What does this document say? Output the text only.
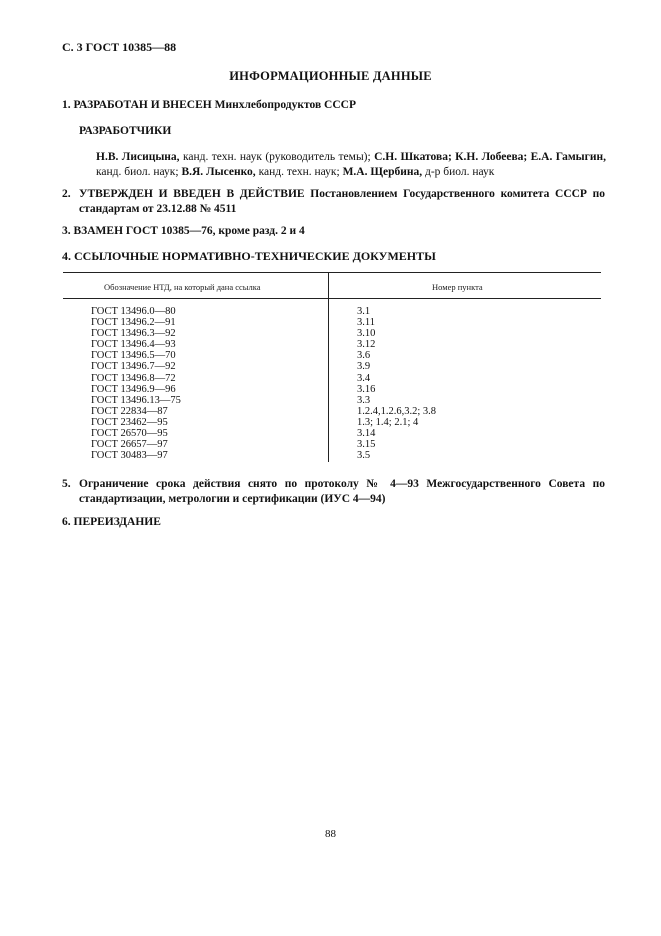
С. 3 ГОСТ 10385—88
ИНФОРМАЦИОННЫЕ ДАННЫЕ
1. РАЗРАБОТАН И ВНЕСЕН Минхлебопродуктов СССР
РАЗРАБОТЧИКИ
Н.В. Лисицына, канд. техн. наук (руководитель темы); С.Н. Шкатова; К.Н. Лобеева; Е.А. Гамыгин, канд. биол. наук; В.Я. Лысенко, канд. техн. наук; М.А. Щербина, д-р биол. наук
2. УТВЕРЖДЕН И ВВЕДЕН В ДЕЙСТВИЕ Постановлением Государственного комитета СССР по стандартам от 23.12.88 № 4511
3. ВЗАМЕН ГОСТ 10385—76, кроме разд. 2 и 4
4. ССЫЛОЧНЫЕ НОРМАТИВНО-ТЕХНИЧЕСКИЕ ДОКУМЕНТЫ
Обозначение НТД, на который дана ссылка	Номер пункта
ГОСТ 13496.0—80
ГОСТ 13496.2—91
ГОСТ 13496.3—92
ГОСТ 13496.4—93
ГОСТ 13496.5—70
ГОСТ 13496.7—92
ГОСТ 13496.8—72
ГОСТ 13496.9—96
ГОСТ 13496.13—75
ГОСТ 22834—87
ГОСТ 23462—95
ГОСТ 26570—95
ГОСТ 26657—97
ГОСТ 30483—97
3.1
3.11
3.10
3.12
3.6
3.9
3.4
3.16
3.3
1.2.4,1.2.6,3.2; 3.8
1.3; 1.4; 2.1; 4
3.14
3.15
3.5
5. Ограничение срока действия снято по протоколу № 4—93 Межгосударственного Совета по стандартизации, метрологии и сертификации (ИУС 4—94)
6. ПЕРЕИЗДАНИЕ
88
